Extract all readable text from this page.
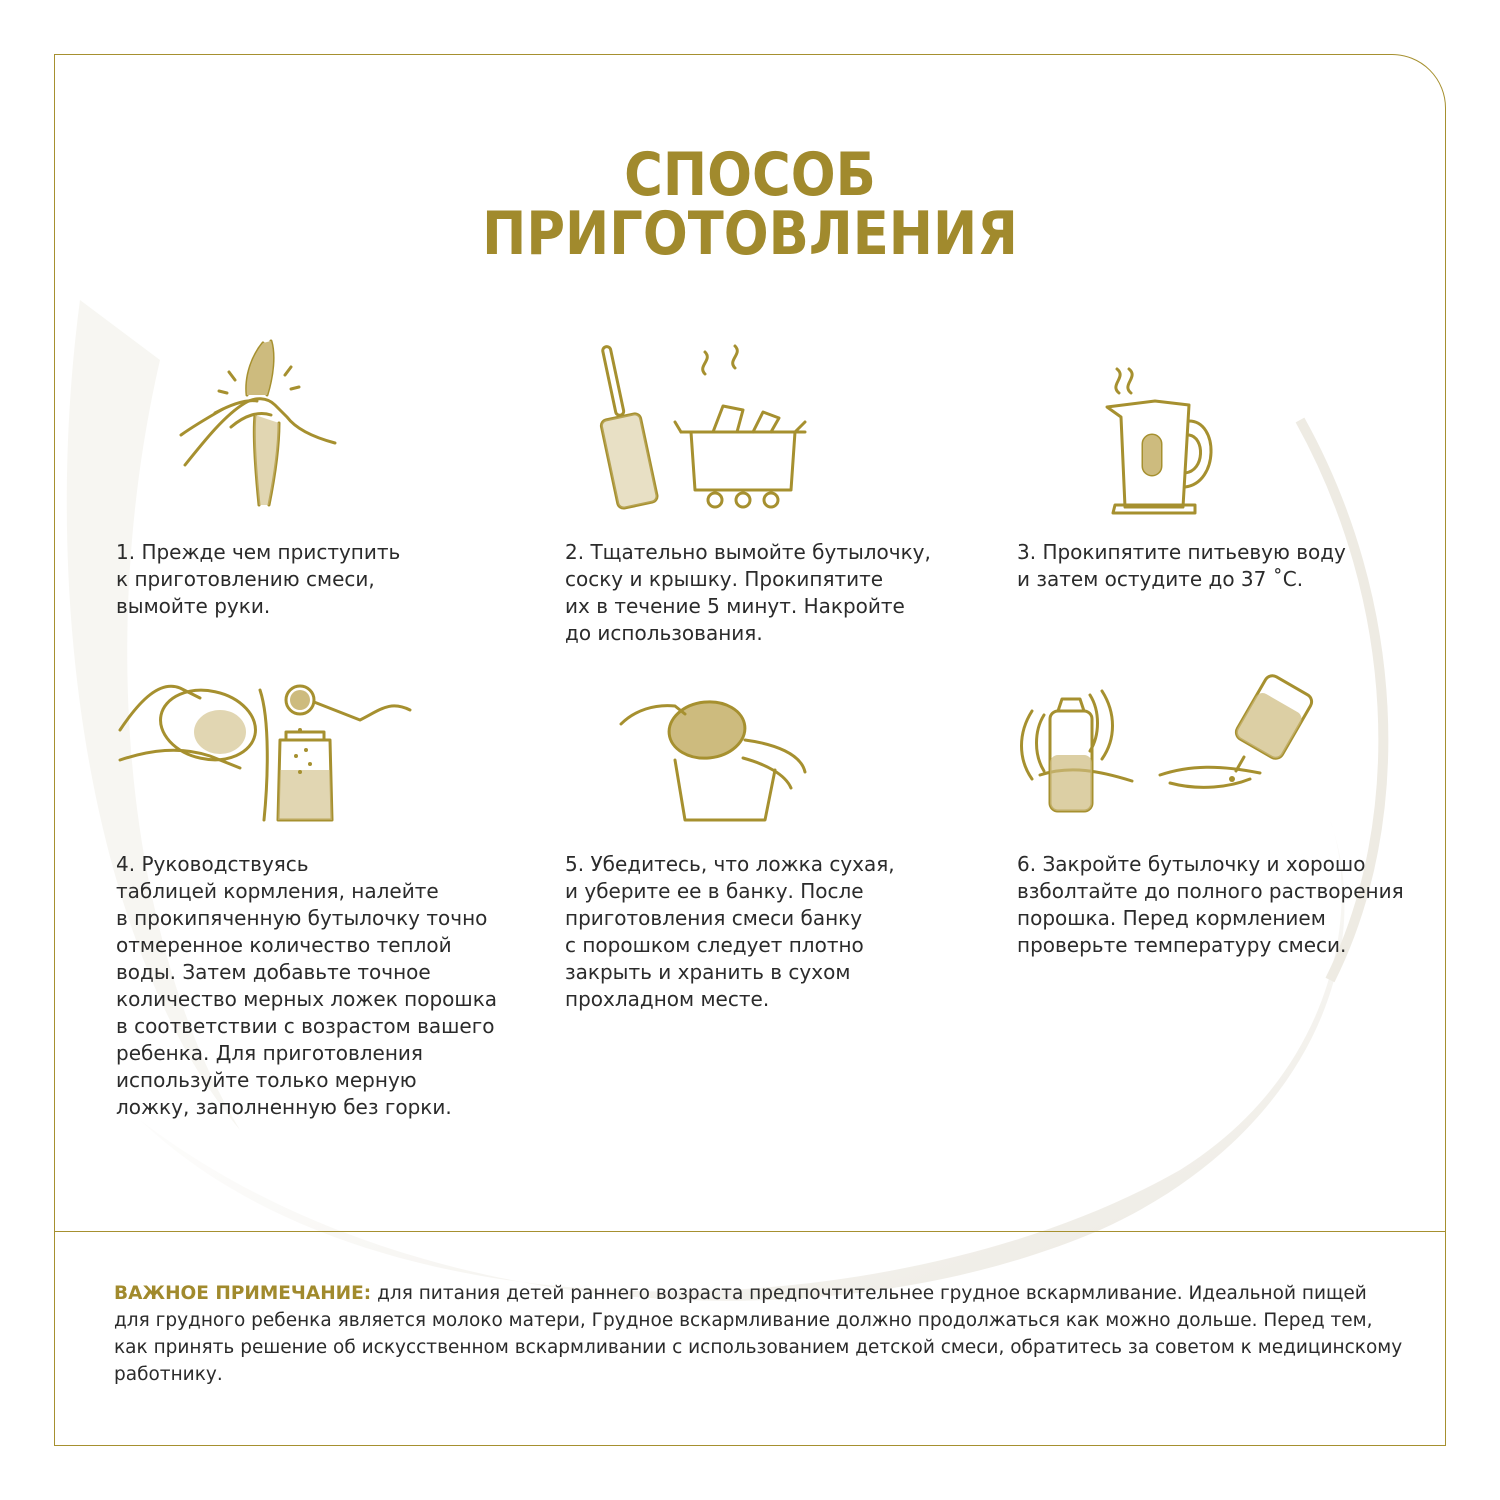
СПОСОБ
ПРИГОТОВЛЕНИЯ

1. Прежде чем приступить
к приготовлению смеси,
вымойте руки.

2. Тщательно вымойте бутылочку,
соску и крышку. Прокипятите
их в течение 5 минут. Накройте
до использования.

3. Прокипятите питьевую воду
и затем остудите до 37 ˚С.

4. Руководствуясь
таблицей кормления, налейте
в прокипяченную бутылочку точно
отмеренное количество теплой
воды. Затем добавьте точное
количество мерных ложек порошка
в соответствии с возрастом вашего
ребенка. Для приготовления
используйте только мерную
ложку, заполненную без горки.

5. Убедитесь, что ложка сухая,
и уберите ее в банку. После
приготовления смеси банку
с порошком следует плотно
закрыть и хранить в сухом
прохладном месте.

6. Закройте бутылочку и хорошо
взболтайте до полного растворения
порошка. Перед кормлением
проверьте температуру смеси.

ВАЖНОЕ ПРИМЕЧАНИЕ: для питания детей раннего возраста предпочтительнее грудное вскармливание. Идеальной пищей для грудного ребенка является молоко матери, Грудное вскармливание должно продолжаться как можно дольше. Перед тем, как принять решение об искусственном вскармливании с использованием детской смеси, обратитесь за советом к медицинскому работнику.
